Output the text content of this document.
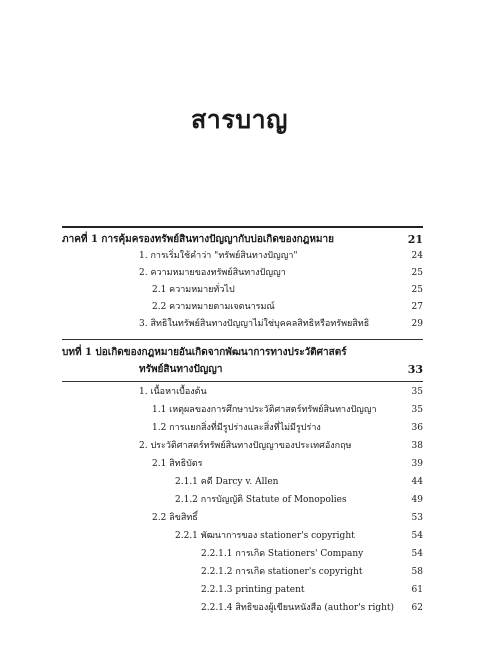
สารบาญ
ภาคที่ 1 การคุ้มครองทรัพย์สินทางปัญญากับบ่อเกิดของกฎหมาย	21
1. การเริ่มใช้คำว่า "ทรัพย์สินทางปัญญา"	24
2. ความหมายของทรัพย์สินทางปัญญา	25
2.1 ความหมายทั่วไป	25
2.2 ความหมายตามเจตนารมณ์	27
3. สิทธิในทรัพย์สินทางปัญญาไม่ใช่บุคคลสิทธิหรือทรัพยสิทธิ	29
บทที่ 1 บ่อเกิดของกฎหมายอันเกิดจากพัฒนาการทางประวัติศาสตร์
ทรัพย์สินทางปัญญา	33
1. เนื้อหาเบื้องต้น	35
1.1 เหตุผลของการศึกษาประวัติศาสตร์ทรัพย์สินทางปัญญา	35
1.2 การแยกสิ่งที่มีรูปร่างและสิ่งที่ไม่มีรูปร่าง	36
2. ประวัติศาสตร์ทรัพย์สินทางปัญญาของประเทศอังกฤษ	38
2.1 สิทธิบัตร	39
2.1.1 คดี Darcy v. Allen	44
2.1.2 การบัญญัติ Statute of Monopolies	49
2.2 ลิขสิทธิ์	53
2.2.1 พัฒนาการของ stationer's copyright	54
2.2.1.1 การเกิด Stationers' Company	54
2.2.1.2 การเกิด stationer's copyright	58
2.2.1.3 printing patent	61
2.2.1.4 สิทธิของผู้เขียนหนังสือ (author's right) 62
